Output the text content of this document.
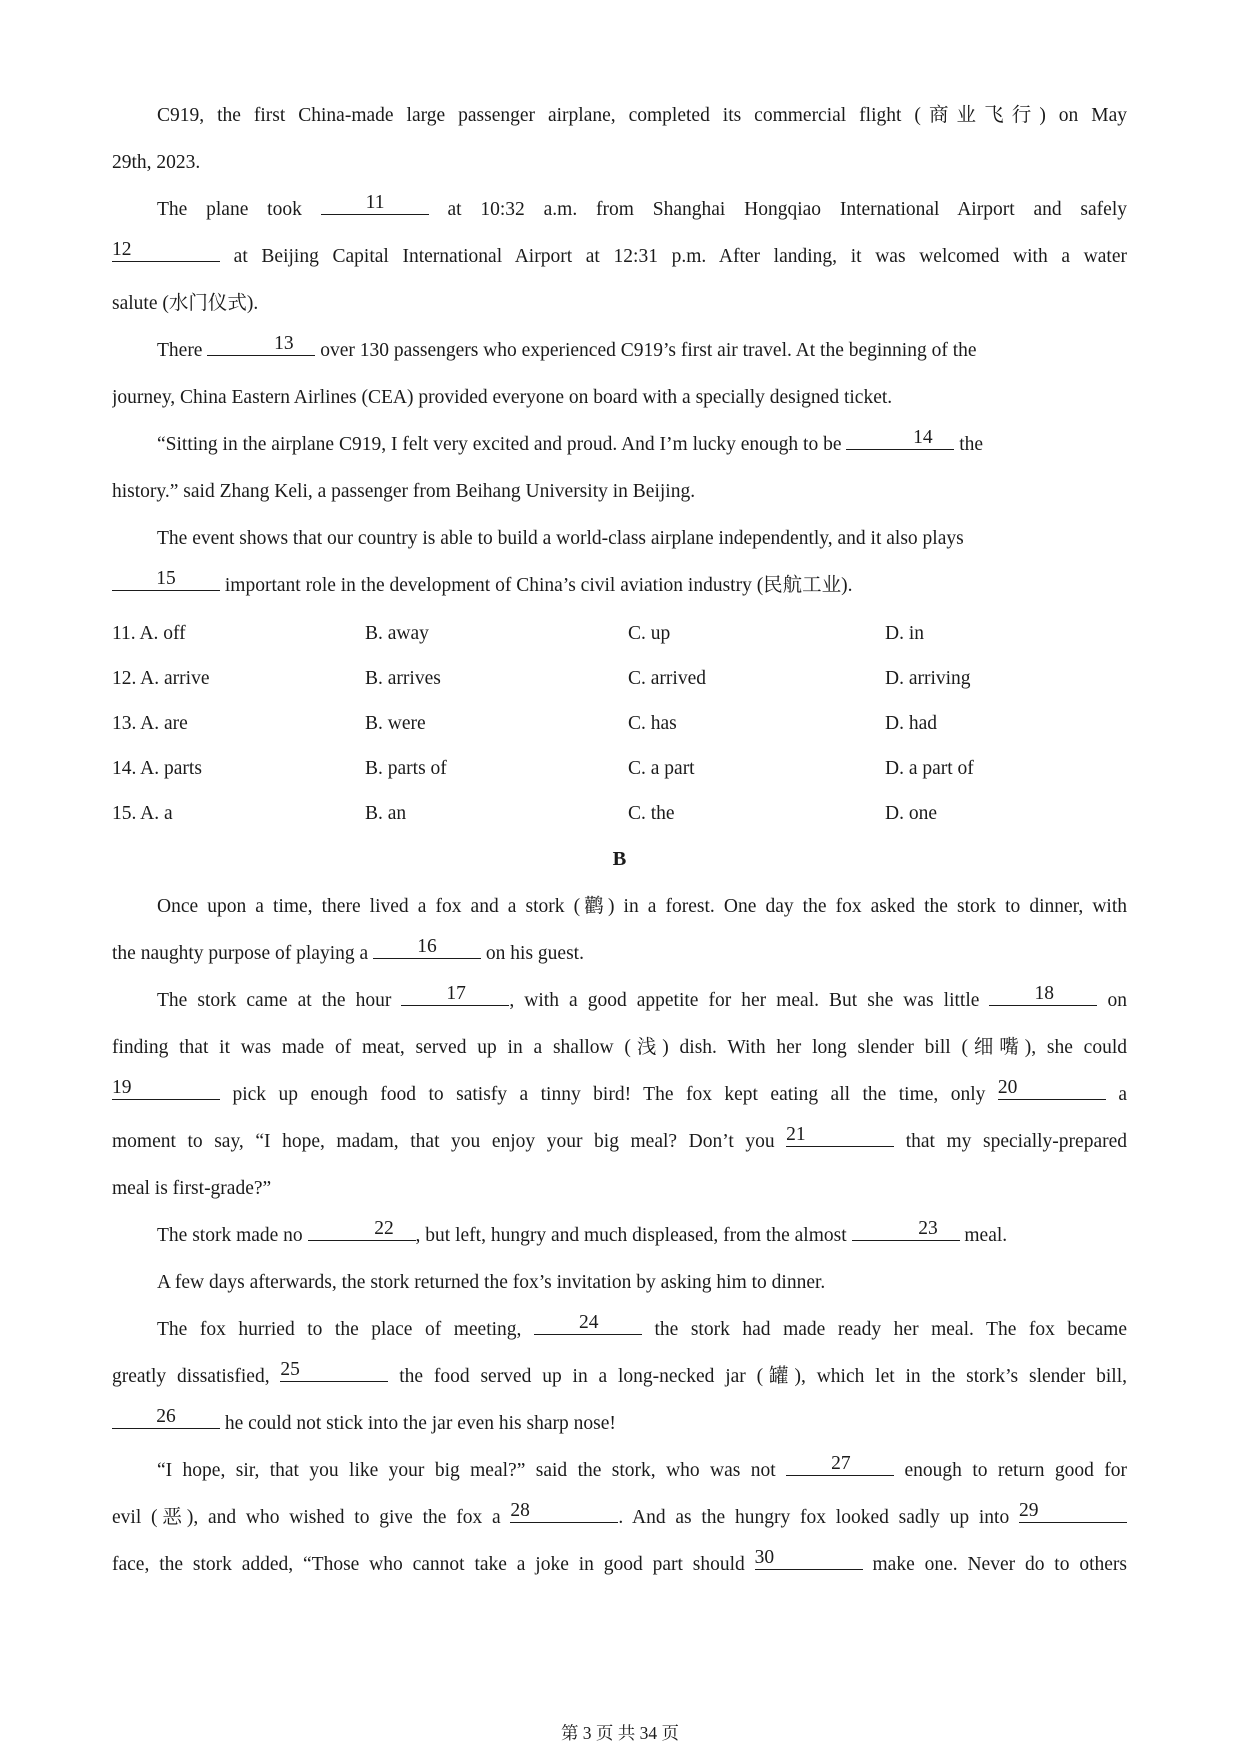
C919, the first China-made large passenger airplane, completed its commercial flight (商业飞行) on May
29th, 2023.
The plane took 11 at 10:32 a.m. from Shanghai Hongqiao International Airport and safely
12	at Beijing Capital International Airport at 12:31 p.m. After landing, it was welcomed with a water
salute (水门仪式).
There	13 over 130 passengers who experienced C919’s first air travel. At the beginning of the
journey, China Eastern Airlines (CEA) provided everyone on board with a specially designed ticket.
“Sitting in the airplane C919, I felt very excited and proud. And I’m lucky enough to be	14 the
history.” said Zhang Keli, a passenger from Beihang University in Beijing.
The event shows that our country is able to build a world-class airplane independently, and it also plays
15 important role in the development of China’s civil aviation industry (民航工业).
11. A. off	B. away	C. up	D. in
12. A. arrive	B. arrives	C. arrived	D. arriving
13. A. are	B. were	C. has	D. had
14. A. parts	B. parts of	C. a part	D. a part of
15. A. a	B. an	C. the	D. one
B
Once upon a time, there lived a fox and a stork (鹳) in a forest. One day the fox asked the stork to dinner, with
the naughty purpose of playing a 16 on his guest.
The stork came at the hour 17 , with a good appetite for her meal. But she was little 18 on
finding that it was made of meat, served up in a shallow (浅) dish. With her long slender bill (细嘴), she could
19	pick up enough food to satisfy a tinny bird! The fox kept eating all the time, only 20	a
moment to say, “I hope, madam, that you enjoy your big meal? Don’t you 21	that my specially-prepared
meal is first-grade?”
The stork made no	22 , but left, hungry and much displeased, from the almost	23 meal.
A few days afterwards, the stork returned the fox’s invitation by asking him to dinner.
The fox hurried to the place of meeting, 24 the stork had made ready her meal. The fox became
greatly dissatisfied, 25	the food served up in a long-necked jar (罐), which let in the stork’s slender bill,
26 he could not stick into the jar even his sharp nose!
“I hope, sir, that you like your big meal?” said the stork, who was not 27 enough to return good for
evil (恶), and who wished to give the fox a 28	. And as the hungry fox looked sadly up into 29
face, the stork added, “Those who cannot take a joke in good part should 30	make one. Never do to others
第 3 页 共 34 页
